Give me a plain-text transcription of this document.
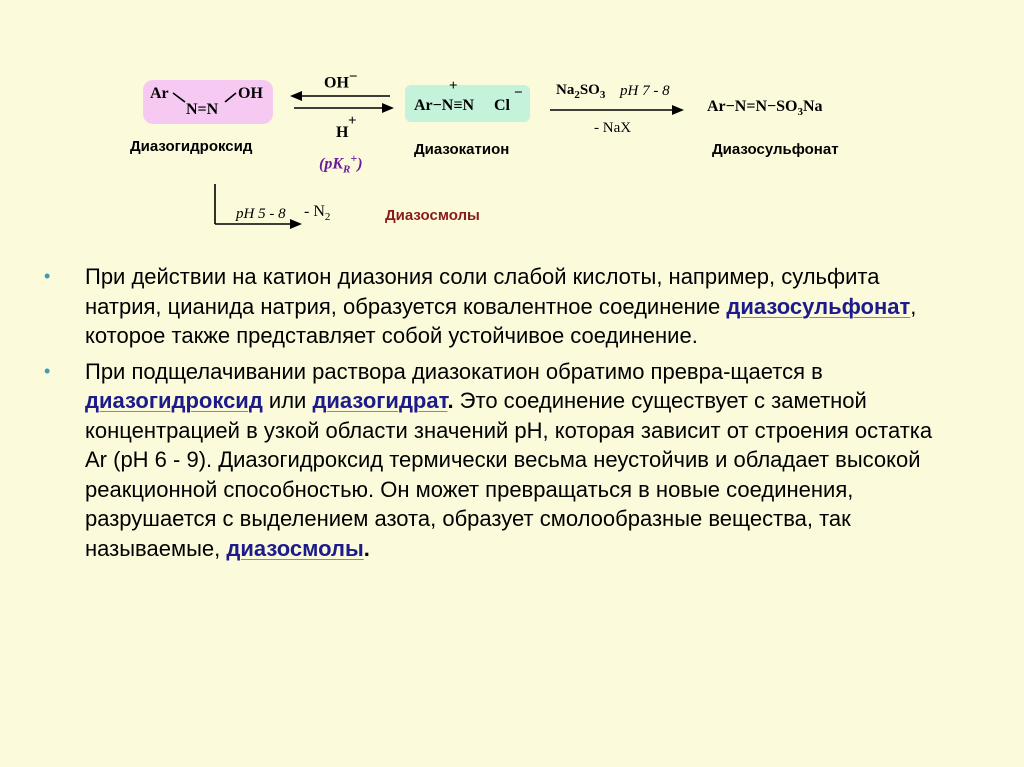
Ar
N=N
OH
Диазогидроксид
OH−
H
+
$(pK_R^+)$
+
Ar−N≡N Cl
−
Диазокатион
$Na_2SO_3$ pH 7 - 8
- NaX
$Ar-N=N-SO_3Na$
Диазосульфонат
pH $5 - 8 - N_2$	Диазосмолы
• При действии на катион диазония соли слабой кислоты, например, сульфита натрия, цианида натрия, образуется ковалентное соединение диазосульфонат, которое также представляет собой устойчивое соединение.
• При подщелачивании раствора диазокатион обратимо превра-щается в диазогидроксид или диазогидрат. Это соединение существует с заметной концентрацией в узкой области значений pH, которая зависит от строения остатка Ar (pH 6 - 9). Диазогидроксид термически весьма неустойчив и обладает высокой реакционной способностью. Он может превращаться в новые соединения, разрушается с выделением азота, образует смолообразные вещества, так называемые, диазосмолы.
